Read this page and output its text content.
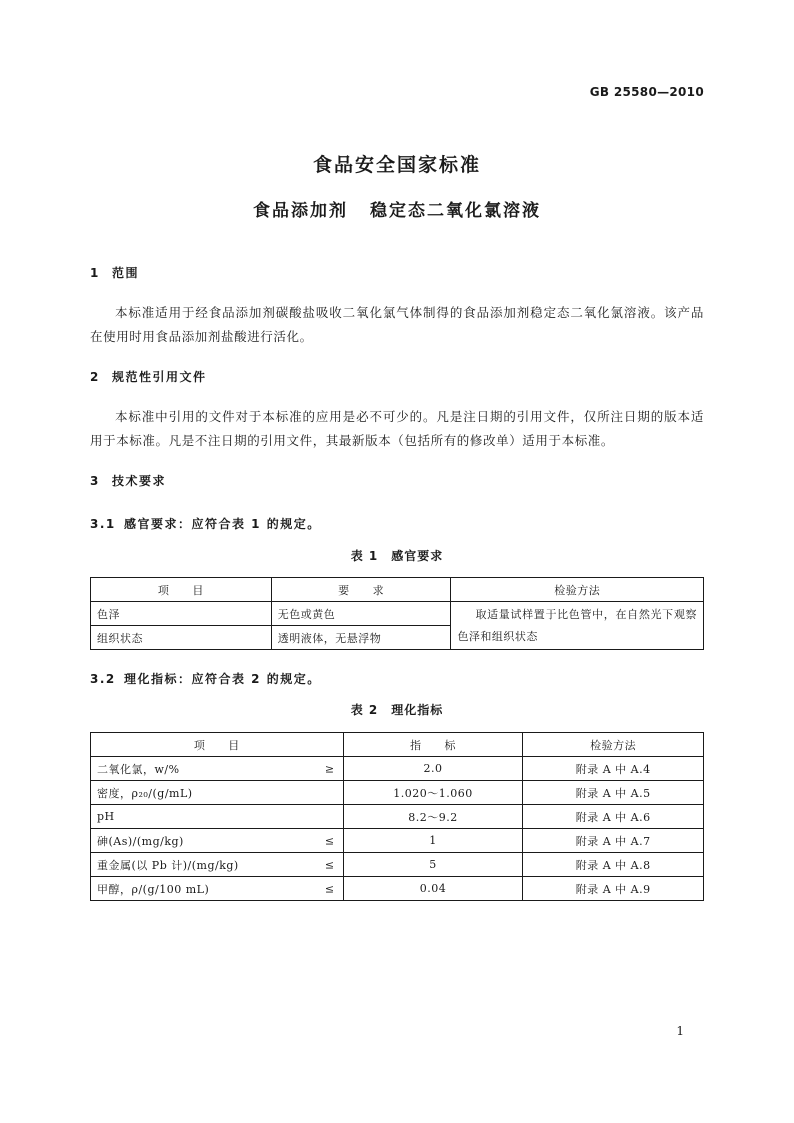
GB 25580—2010
食品安全国家标准
食品添加剂 稳定态二氧化氯溶液
1 范围
本标准适用于经食品添加剂碳酸盐吸收二氧化氯气体制得的食品添加剂稳定态二氧化氯溶液。该产品在使用时用食品添加剂盐酸进行活化。
2 规范性引用文件
本标准中引用的文件对于本标准的应用是必不可少的。凡是注日期的引用文件，仅所注日期的版本适用于本标准。凡是不注日期的引用文件，其最新版本（包括所有的修改单）适用于本标准。
3 技术要求
3.1 感官要求：应符合表 1 的规定。
表 1　感官要求
项　　目	要　　求	检验方法
色泽	无色或黄色	取适量试样置于比色管中，在自然光下观察色泽和组织状态
组织状态	透明液体，无悬浮物	
3.2 理化指标：应符合表 2 的规定。
表 2　理化指标
项　　目	指　　标	检验方法
二氧化氯，w/% ≥	2.0	附录 A 中 A.4
密度，ρ₂₀/(g/mL)	1.020～1.060	附录 A 中 A.5
pH	8.2～9.2	附录 A 中 A.6
砷(As)/(mg/kg) ≤	1	附录 A 中 A.7
重金属(以 Pb 计)/(mg/kg) ≤	5	附录 A 中 A.8
甲醇，ρ/(g/100 mL) ≤	0.04	附录 A 中 A.9
1
